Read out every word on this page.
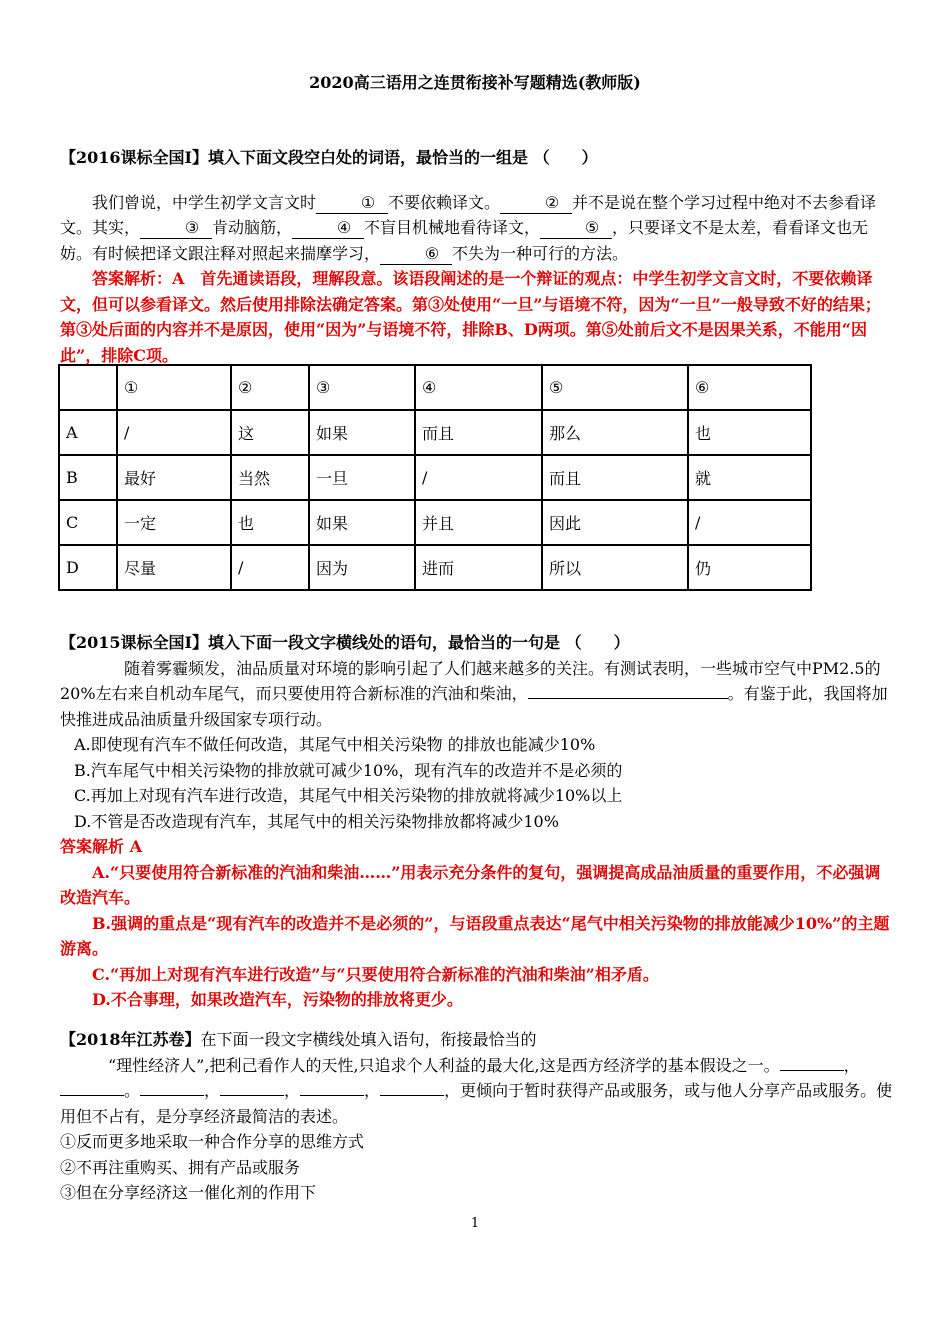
2020高三语用之连贯衔接补写题精选(教师版)
【2016课标全国Ⅰ】填入下面文段空白处的词语，最恰当的一组是 （　　）
我们曾说，中学生初学文言文时	① 不要依赖译文。	② 并不是说在整个学习过程中绝对不去参看译文。其实，	③ 肯动脑筋，	④ 不盲目机械地看待译文，	⑤ ，只要译文不是太差，看看译文也无妨。有时候把译文跟注释对照起来揣摩学习，	⑥ 不失为一种可行的方法。
答案解析：A　首先通读语段，理解段意。该语段阐述的是一个辩证的观点：中学生初学文言文时，不要依赖译文，但可以参看译文。然后使用排除法确定答案。第③处使用“一旦”与语境不符，因为“一旦”一般导致不好的结果；第③处后面的内容并不是原因，使用“因为”与语境不符，排除B、D两项。第⑤处前后文不是因果关系，不能用“因此”，排除C项。
	①	②	③	④	⑤	⑥
A	/	这	如果	而且	那么	也
B	最好	当然	一旦	/	而且	就
C	一定	也	如果	并且	因此	/
D	尽量	/	因为	进而	所以	仍
【2015课标全国Ⅰ】填入下面一段文字横线处的语句，最恰当的一句是 （　　）
随着雾霾频发，油品质量对环境的影响引起了人们越来越多的关注。有测试表明，一些城市空气中PM2.5的20%左右来自机动车尾气，而只要使用符合新标准的汽油和柴油，	。有鉴于此，我国将加快推进成品油质量升级国家专项行动。
A.即使现有汽车不做任何改造，其尾气中相关污染物 的排放也能减少10%
B.汽车尾气中相关污染物的排放就可减少10%，现有汽车的改造并不是必须的
C.再加上对现有汽车进行改造，其尾气中相关污染物的排放就将减少10%以上
D.不管是否改造现有汽车，其尾气中的相关污染物排放都将减少10%
答案解析 A
A.“只要使用符合新标准的汽油和柴油……”用表示充分条件的复句，强调提高成品油质量的重要作用，不必强调改造汽车。
B.强调的重点是“现有汽车的改造并不是必须的”，与语段重点表达“尾气中相关污染物的排放能减少10%”的主题游离。
C.“再加上对现有汽车进行改造”与“只要使用符合新标准的汽油和柴油”相矛盾。
D.不合事理，如果改造汽车，污染物的排放将更少。
【2018年江苏卷】在下面一段文字横线处填入语句，衔接最恰当的
“理性经济人”,把利己看作人的天性,只追求个人利益的最大化,这是西方经济学的基本假设之一。	，。	，	，	，	，更倾向于暂时获得产品或服务，或与他人分享产品或服务。使用但不占有，是分享经济最简洁的表述。
①反而更多地采取一种合作分享的思维方式
②不再注重购买、拥有产品或服务
③但在分享经济这一催化剂的作用下
1
